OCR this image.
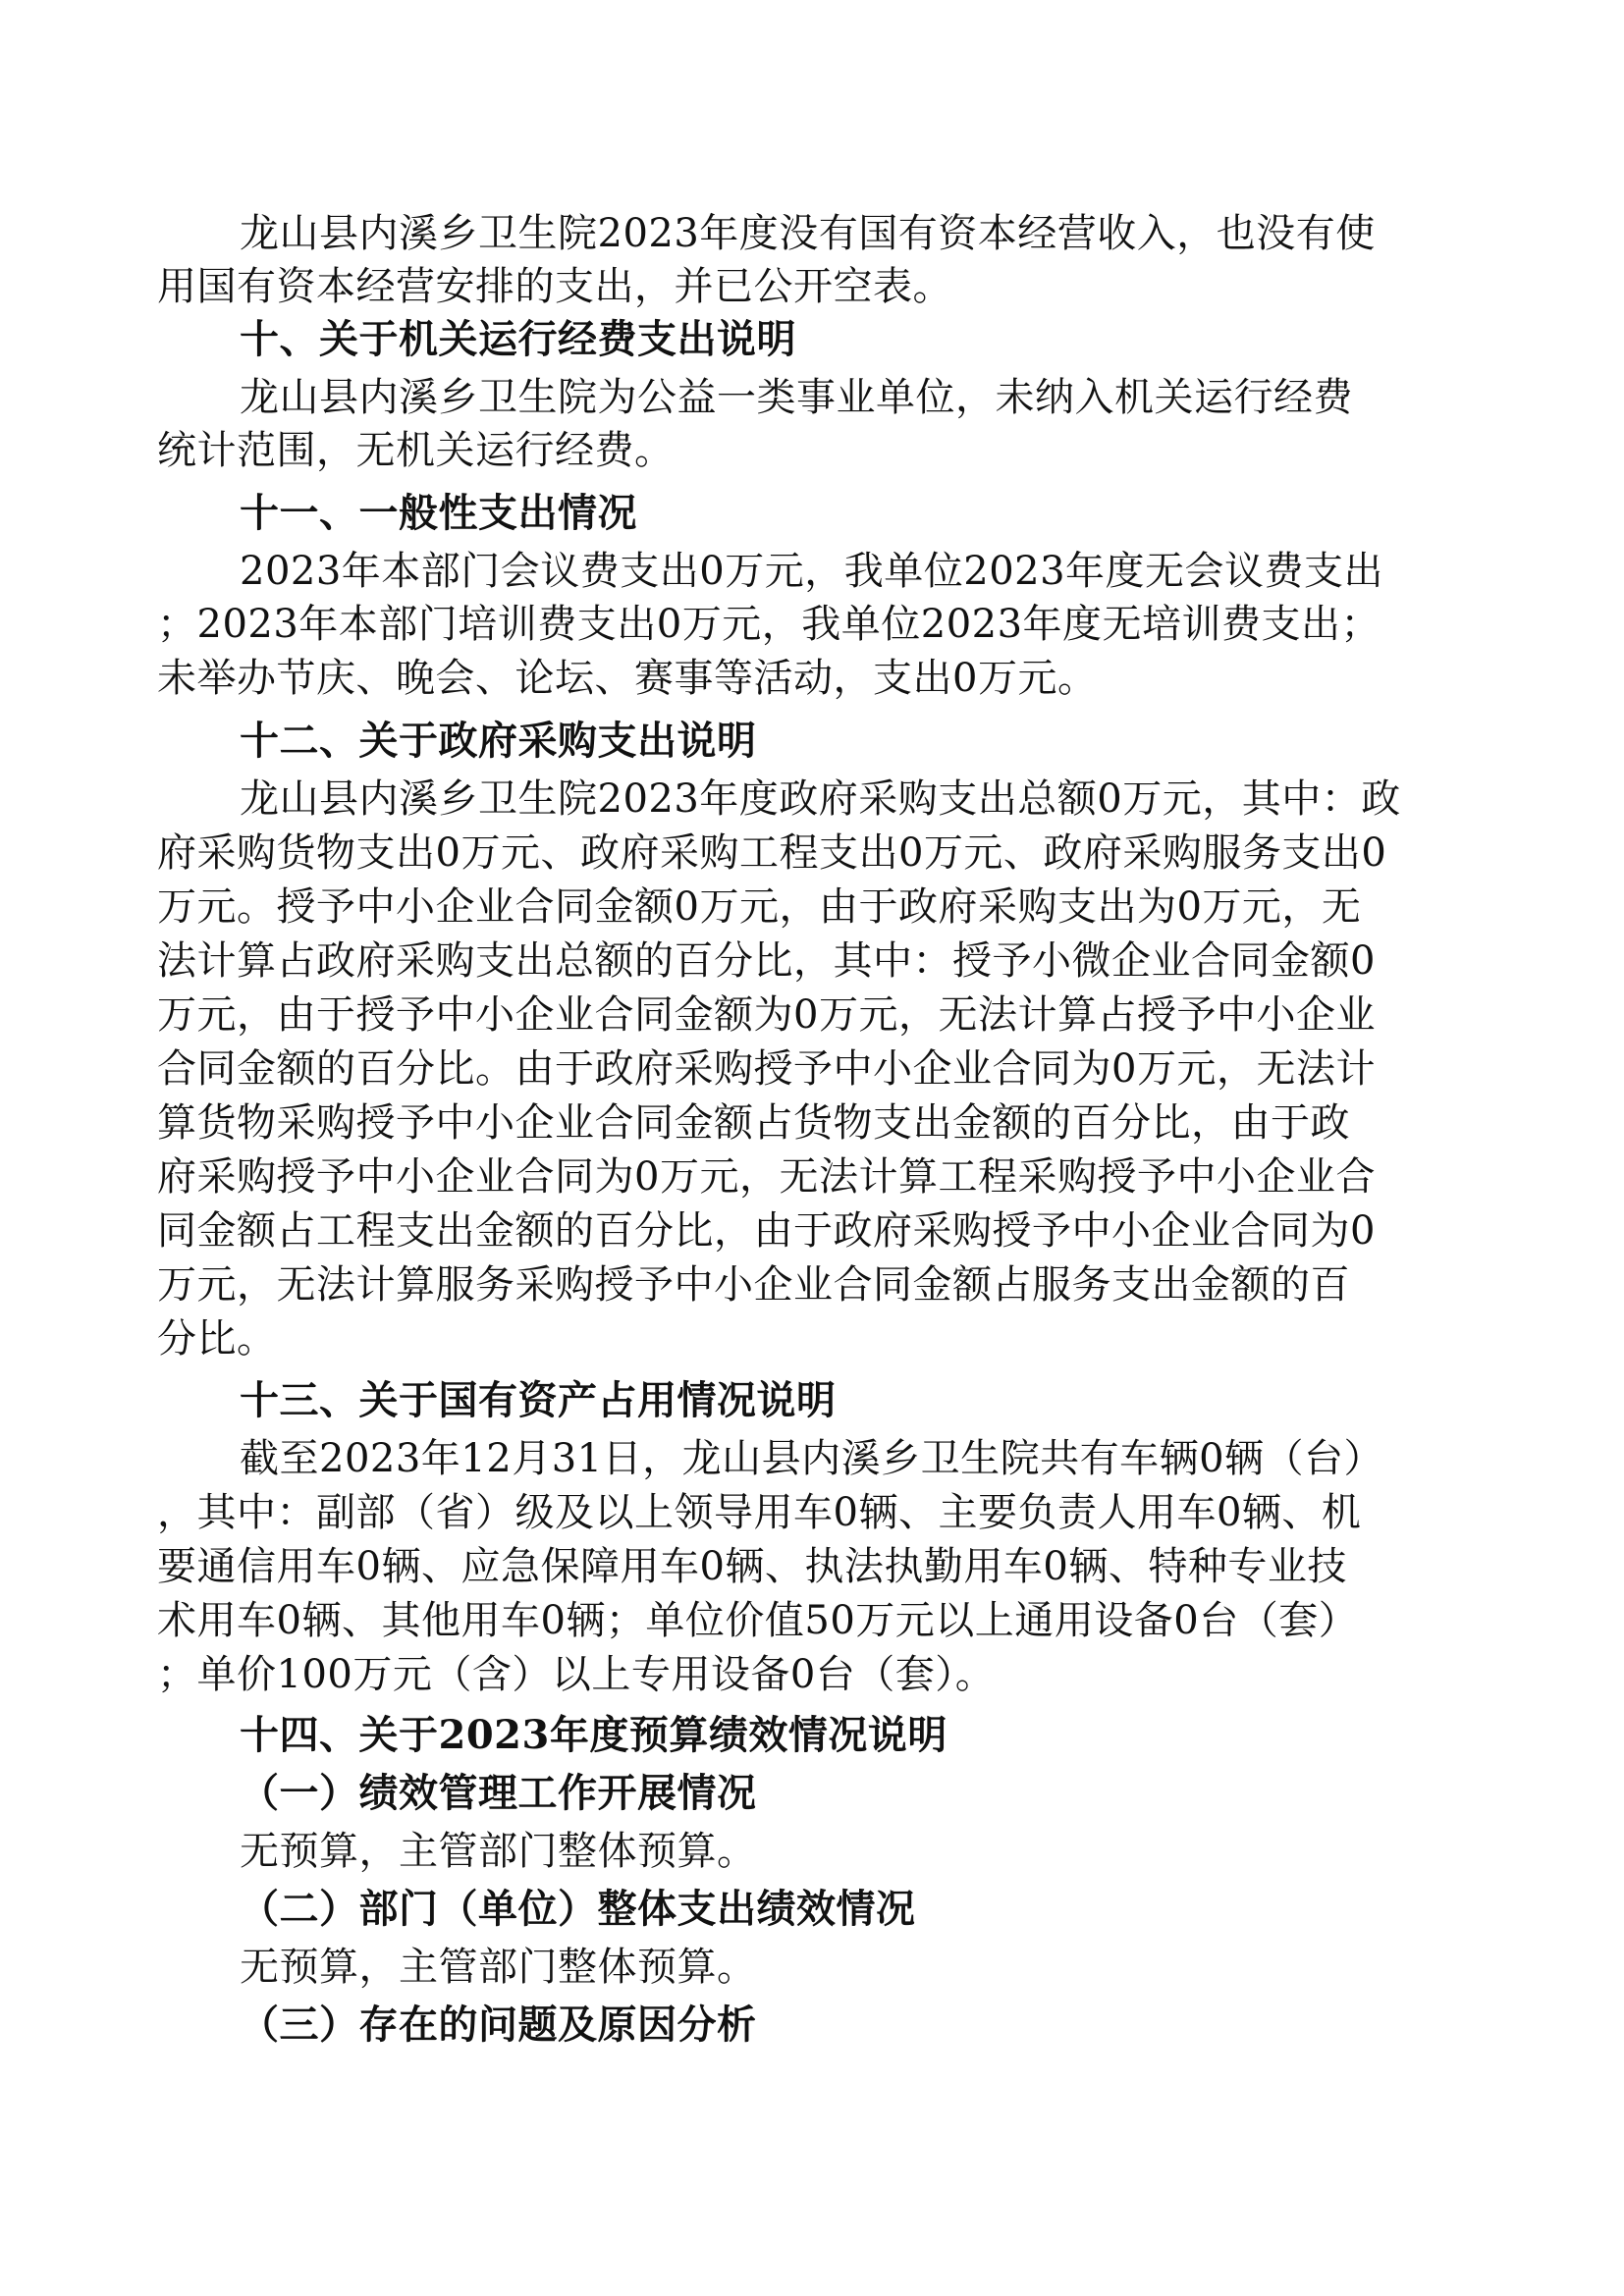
龙山县内溪乡卫生院2023年度没有国有资本经营收入，也没有使
用国有资本经营安排的支出，并已公开空表。
十、关于机关运行经费支出说明
龙山县内溪乡卫生院为公益一类事业单位，未纳入机关运行经费
统计范围，无机关运行经费。
十一、一般性支出情况
2023年本部门会议费支出0万元，我单位2023年度无会议费支出
；2023年本部门培训费支出0万元，我单位2023年度无培训费支出；
未举办节庆、晚会、论坛、赛事等活动，支出0万元。
十二、关于政府采购支出说明
龙山县内溪乡卫生院2023年度政府采购支出总额0万元，其中：政
府采购货物支出0万元、政府采购工程支出0万元、政府采购服务支出0
万元。授予中小企业合同金额0万元，由于政府采购支出为0万元，无
法计算占政府采购支出总额的百分比，其中：授予小微企业合同金额0
万元，由于授予中小企业合同金额为0万元，无法计算占授予中小企业
合同金额的百分比。由于政府采购授予中小企业合同为0万元，无法计
算货物采购授予中小企业合同金额占货物支出金额的百分比，由于政
府采购授予中小企业合同为0万元，无法计算工程采购授予中小企业合
同金额占工程支出金额的百分比，由于政府采购授予中小企业合同为0
万元，无法计算服务采购授予中小企业合同金额占服务支出金额的百
分比。
十三、关于国有资产占用情况说明
截至2023年12月31日，龙山县内溪乡卫生院共有车辆0辆（台）
，其中：副部（省）级及以上领导用车0辆、主要负责人用车0辆、机
要通信用车0辆、应急保障用车0辆、执法执勤用车0辆、特种专业技
术用车0辆、其他用车0辆；单位价值50万元以上通用设备0台（套）
；单价100万元（含）以上专用设备0台（套）。
十四、关于2023年度预算绩效情况说明
（一）绩效管理工作开展情况
无预算，主管部门整体预算。
（二）部门（单位）整体支出绩效情况
无预算，主管部门整体预算。
（三）存在的问题及原因分析
